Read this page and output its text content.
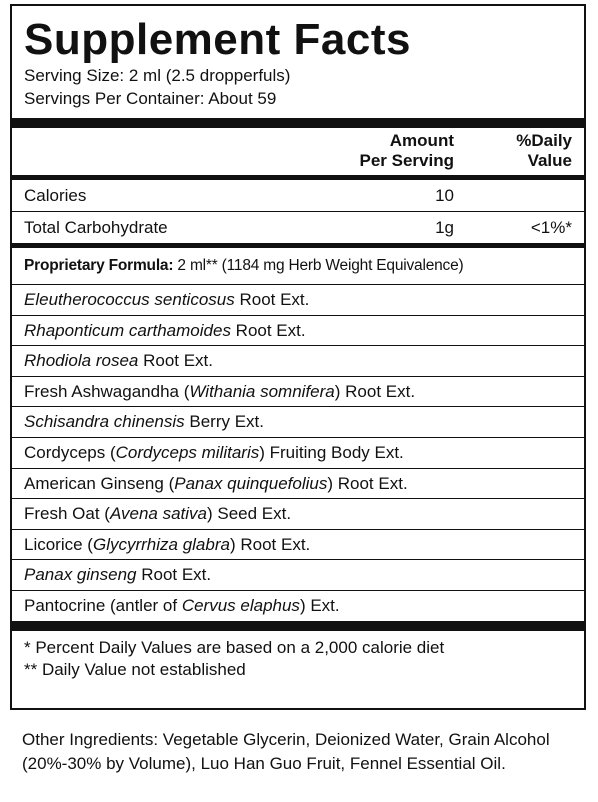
Supplement Facts
Serving Size: 2 ml (2.5 dropperfuls)
Servings Per Container: About 59
Amount
Per Serving
%Daily
Value
Calories	10
Total Carbohydrate	1g	<1%*
Proprietary Formula: 2 ml** (1184 mg Herb Weight Equivalence)
Eleutherococcus senticosus Root Ext.
Rhaponticum carthamoides Root Ext.
Rhodiola rosea Root Ext.
Fresh Ashwagandha (Withania somnifera) Root Ext.
Schisandra chinensis Berry Ext.
Cordyceps (Cordyceps militaris) Fruiting Body Ext.
American Ginseng (Panax quinquefolius) Root Ext.
Fresh Oat (Avena sativa) Seed Ext.
Licorice (Glycyrrhiza glabra) Root Ext.
Panax ginseng Root Ext.
Pantocrine (antler of Cervus elaphus) Ext.
* Percent Daily Values are based on a 2,000 calorie diet
** Daily Value not established
Other Ingredients: Vegetable Glycerin, Deionized Water, Grain Alcohol (20%-30% by Volume), Luo Han Guo Fruit, Fennel Essential Oil.
